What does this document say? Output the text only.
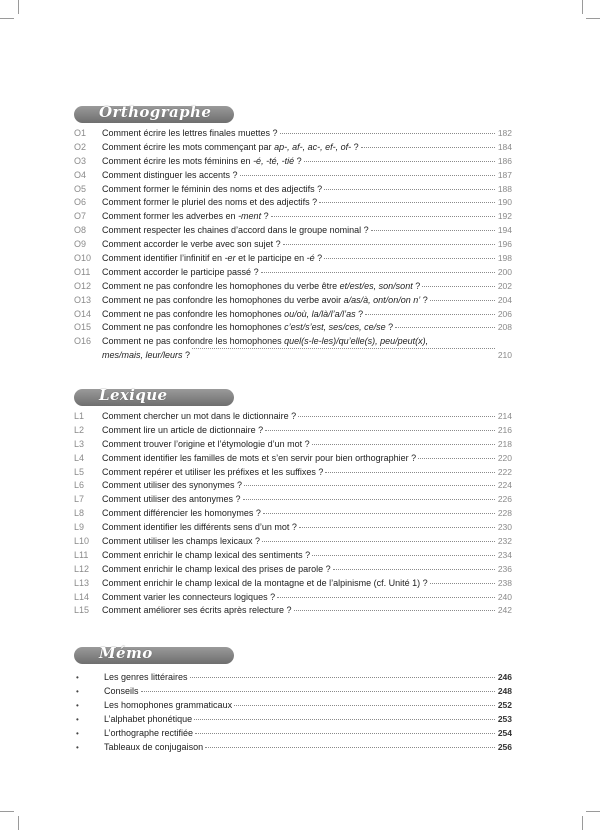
Orthographe
O1	Comment écrire les lettres finales muettes ?	182
O2	Comment écrire les mots commençant par ap-, af-, ac-, ef-, of- ?	184
O3	Comment écrire les mots féminins en -é, -té, -tié ?	186
O4	Comment distinguer les accents ?	187
O5	Comment former le féminin des noms et des adjectifs ?	188
O6	Comment former le pluriel des noms et des adjectifs ?	190
O7	Comment former les adverbes en -ment ?	192
O8	Comment respecter les chaines d’accord dans le groupe nominal ?	194
O9	Comment accorder le verbe avec son sujet ?	196
O10	Comment identifier l’infinitif en -er et le participe en -é ?	198
O11	Comment accorder le participe passé ?	200
O12	Comment ne pas confondre les homophones du verbe être et/est/es, son/sont ?	202
O13	Comment ne pas confondre les homophones du verbe avoir a/as/à, ont/on/on n’ ?	204
O14	Comment ne pas confondre les homophones ou/où, la/là/l’a/l’as ?	206
O15	Comment ne pas confondre les homophones c’est/s’est, ses/ces, ce/se ?	208
O16	Comment ne pas confondre les homophones quel(s-le-les)/qu’elle(s), peu/peut(x),
mes/mais, leur/leurs ?	210
Lexique
L1	Comment chercher un mot dans le dictionnaire ?	214
L2	Comment lire un article de dictionnaire ?	216
L3	Comment trouver l’origine et l’étymologie d’un mot ?	218
L4	Comment identifier les familles de mots et s’en servir pour bien orthographier ?	220
L5	Comment repérer et utiliser les préfixes et les suffixes ?	222
L6	Comment utiliser des synonymes ?	224
L7	Comment utiliser des antonymes ?	226
L8	Comment différencier les homonymes ?	228
L9	Comment identifier les différents sens d’un mot ?	230
L10	Comment utiliser les champs lexicaux ?	232
L11	Comment enrichir le champ lexical des sentiments ?	234
L12	Comment enrichir le champ lexical des prises de parole ?	236
L13	Comment enrichir le champ lexical de la montagne et de l’alpinisme (cf. Unité 1) ?	238
L14	Comment varier les connecteurs logiques ?	240
L15	Comment améliorer ses écrits après relecture ?	242
Mémo
•	Les genres littéraires	246
•	Conseils	248
•	Les homophones grammaticaux	252
•	L’alphabet phonétique	253
•	L’orthographe rectifiée	254
•	Tableaux de conjugaison	256
